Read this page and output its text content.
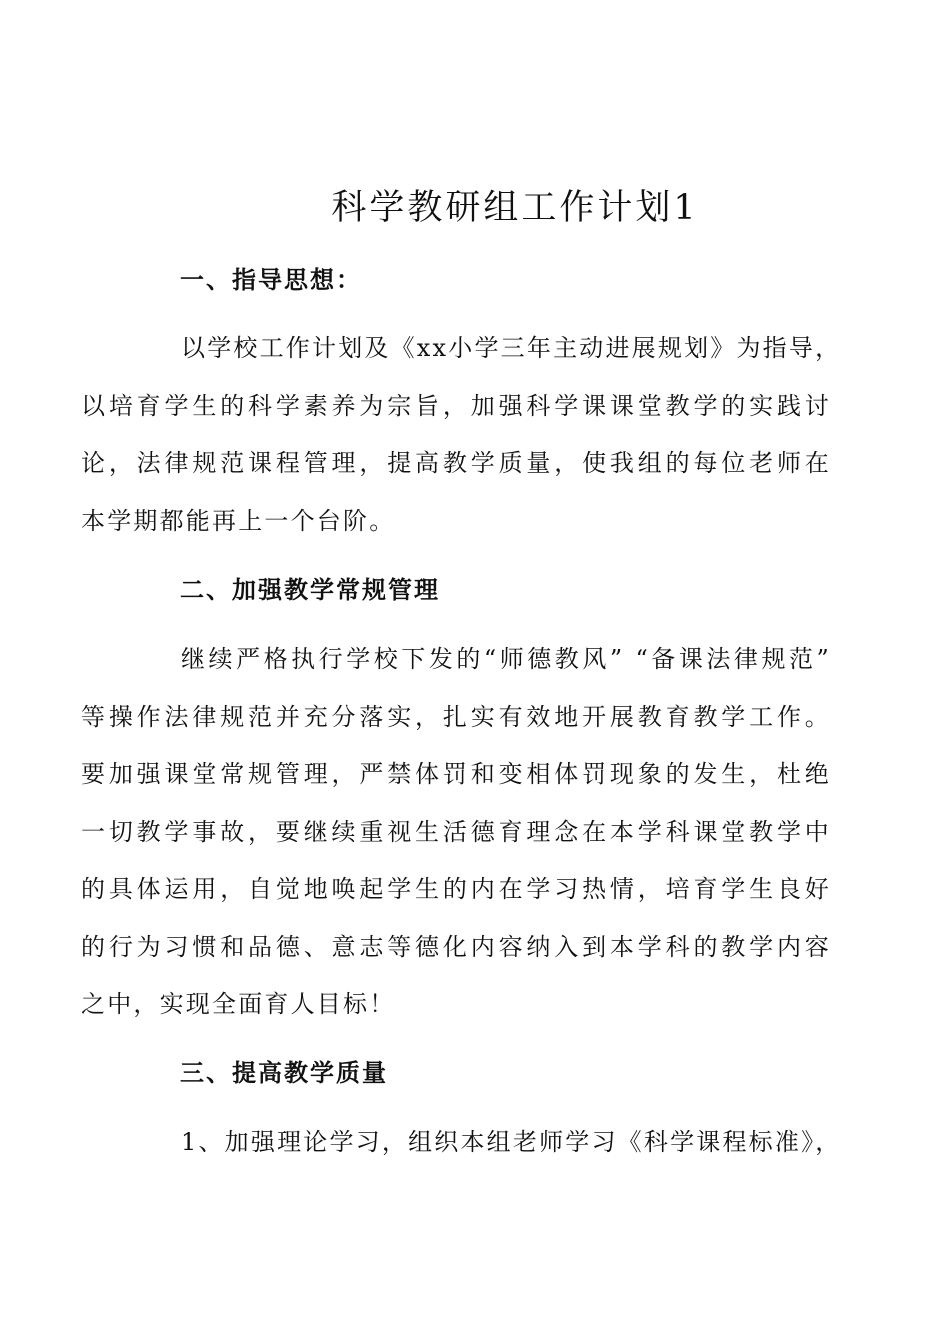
科学教研组工作计划1
一、指导思想：
以学校工作计划及《xx小学三年主动进展规划》为指导，
以培育学生的科学素养为宗旨，加强科学课课堂教学的实践讨
论，法律规范课程管理，提高教学质量，使我组的每位老师在
本学期都能再上一个台阶。
二、加强教学常规管理
继续严格执行学校下发的“师德教风” “备课法律规范”
等操作法律规范并充分落实，扎实有效地开展教育教学工作。
要加强课堂常规管理，严禁体罚和变相体罚现象的发生，杜绝
一切教学事故，要继续重视生活德育理念在本学科课堂教学中
的具体运用，自觉地唤起学生的内在学习热情，培育学生良好
的行为习惯和品德、意志等德化内容纳入到本学科的教学内容
之中，实现全面育人目标！
三、提高教学质量
1、加强理论学习，组织本组老师学习《科学课程标准》，
